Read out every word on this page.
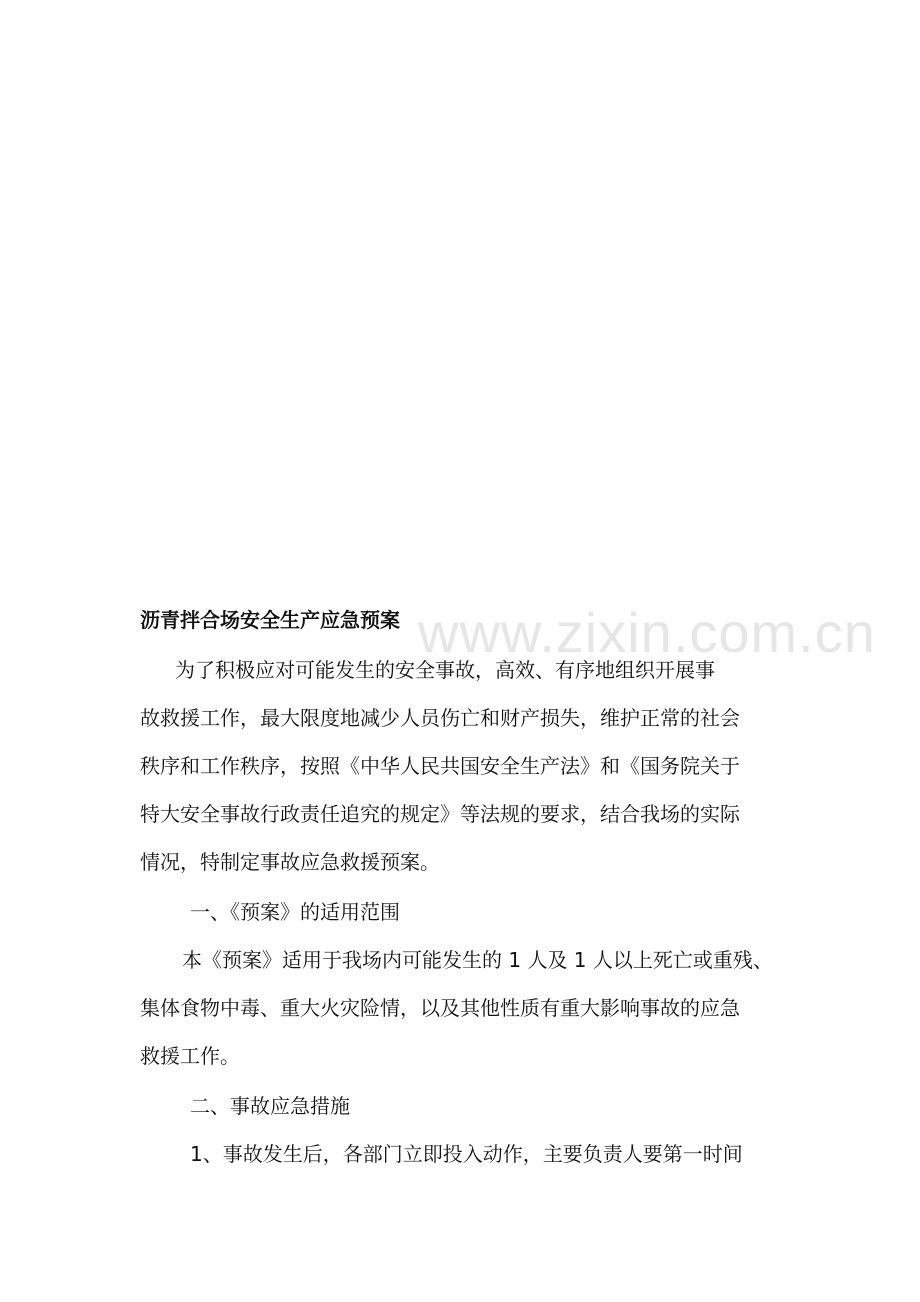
www.zixin.com.cn
沥青拌合场安全生产应急预案
为了积极应对可能发生的安全事故，高效、有序地组织开展事
故救援工作，最大限度地减少人员伤亡和财产损失，维护正常的社会
秩序和工作秩序，按照《中华人民共国安全生产法》和《国务院关于
特大安全事故行政责任追究的规定》等法规的要求，结合我场的实际
情况，特制定事故应急救援预案。
一、《预案》的适用范围
本《预案》适用于我场内可能发生的 1 人及 1 人以上死亡或重残、
集体食物中毒、重大火灾险情，以及其他性质有重大影响事故的应急
救援工作。
二、事故应急措施
1、事故发生后，各部门立即投入动作，主要负责人要第一时间
